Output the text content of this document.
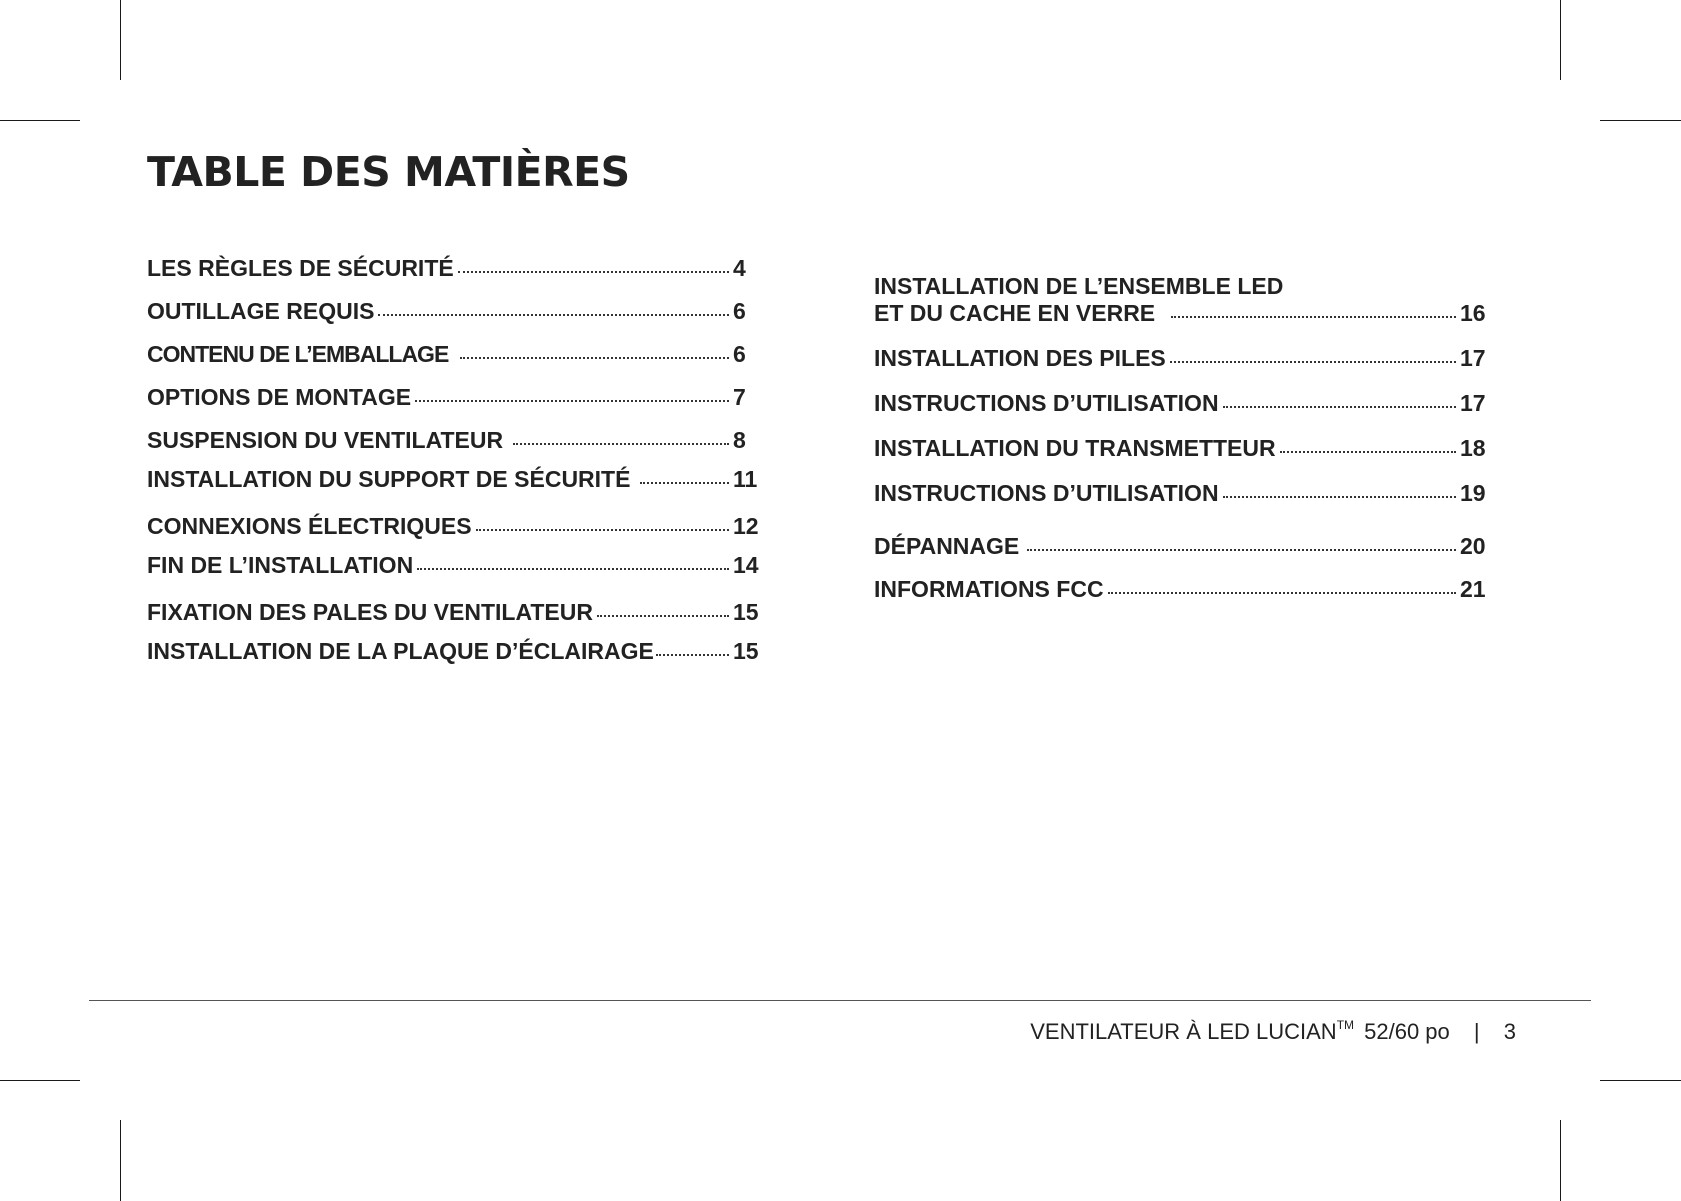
TABLE DES MATIÈRES
LES RÈGLES DE SÉCURITÉ	4
OUTILLAGE REQUIS	6
CONTENU DE L’EMBALLAGE	6
OPTIONS DE MONTAGE	7
SUSPENSION DU VENTILATEUR	8
INSTALLATION DU SUPPORT DE SÉCURITÉ	11
CONNEXIONS ÉLECTRIQUES	12
FIN DE L’INSTALLATION	14
FIXATION DES PALES DU VENTILATEUR	15
INSTALLATION DE LA PLAQUE D’ÉCLAIRAGE	15
INSTALLATION DE L’ENSEMBLE LED
ET DU CACHE EN VERRE	16
INSTALLATION DES PILES	17
INSTRUCTIONS D’UTILISATION	17
INSTALLATION DU TRANSMETTEUR	18
INSTRUCTIONS D’UTILISATION	19
DÉPANNAGE	20
INFORMATIONS FCC	21
VENTILATEUR À LED LUCIAN™ 52/60 po | 3
